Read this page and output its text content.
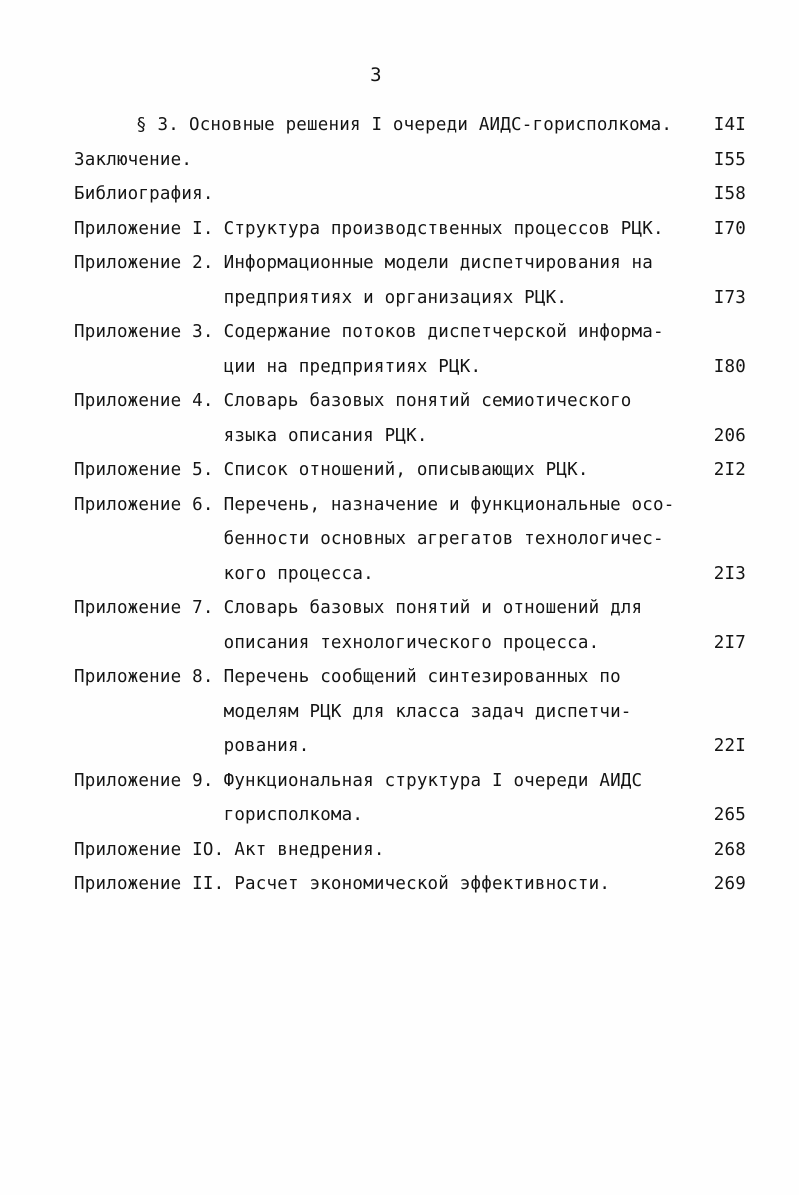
3
§ 3. Основные решения I очереди АИДС-горисполкома. I4I
Заключение.	I55
Библиография.	I58
Приложение I. Структура производственных процессов РЦК.	I70
Приложение 2. Информационные модели диспетчирования на
предприятиях и организациях РЦК.	I73
Приложение 3. Содержание потоков диспетчерской информа-
ции на предприятиях РЦК.	I80
Приложение 4. Словарь базовых понятий семиотического
языка описания РЦК.	206
Приложение 5. Список отношений, описывающих РЦК.	2I2
Приложение 6. Перечень, назначение и функциональные осо-
бенности основных агрегатов технологичес-
кого процесса.	2I3
Приложение 7. Словарь базовых понятий и отношений для
описания технологического процесса.	2I7
Приложение 8. Перечень сообщений синтезированных по
моделям РЦК для класса задач диспетчи-
рования.	22I
Приложение 9. Функциональная структура I очереди АИДС
горисполкома.	265
Приложение IO. Акт внедрения.	268
Приложение II. Расчет экономической эффективности.	269
